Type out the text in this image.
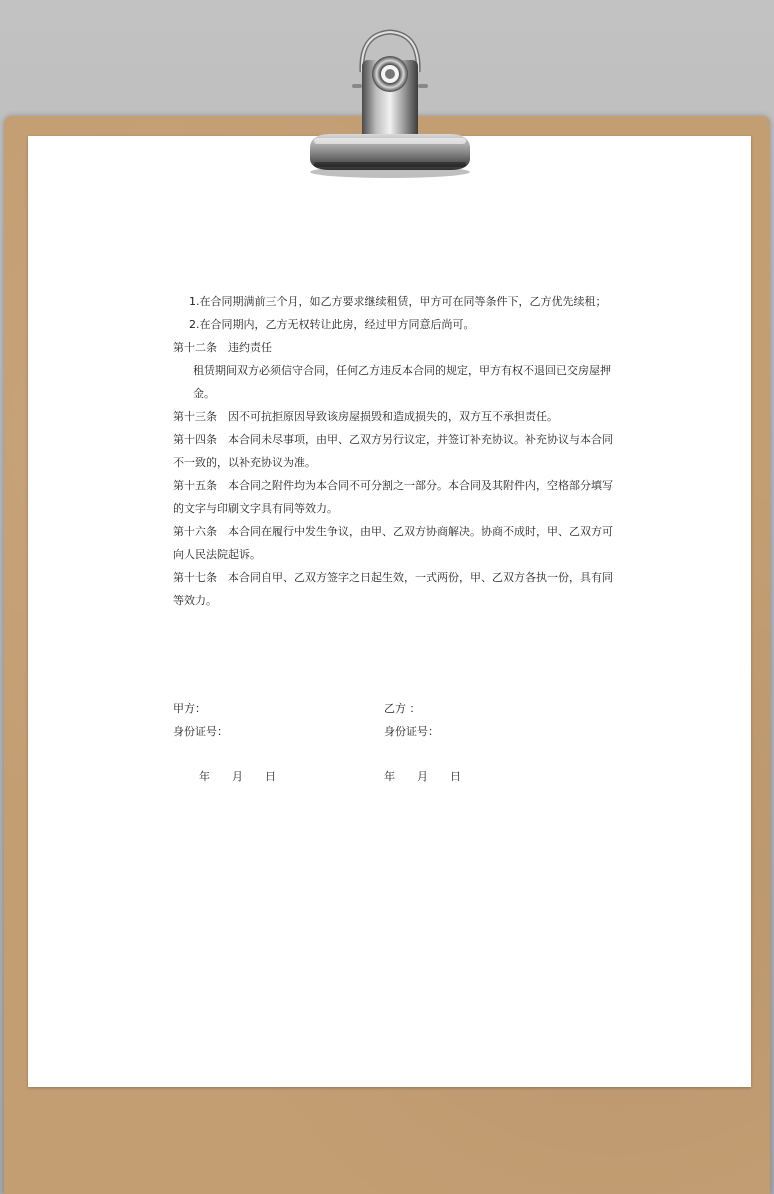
1.在合同期满前三个月，如乙方要求继续租赁，甲方可在同等条件下，乙方优先续租；

2.在合同期内，乙方无权转让此房，经过甲方同意后尚可。

第十二条　违约责任

租赁期间双方必须信守合同，任何乙方违反本合同的规定，甲方有权不退回已交房屋押金。

第十三条　因不可抗拒原因导致该房屋损毁和造成损失的，双方互不承担责任。

第十四条　本合同未尽事项，由甲、乙双方另行议定，并签订补充协议。补充协议与本合同不一致的，以补充协议为准。

第十五条　本合同之附件均为本合同不可分割之一部分。本合同及其附件内，空格部分填写的文字与印刷文字具有同等效力。

第十六条　本合同在履行中发生争议，由甲、乙双方协商解决。协商不成时，甲、乙双方可向人民法院起诉。

第十七条　本合同自甲、乙双方签字之日起生效，一式两份，甲、乙双方各执一份，具有同等效力。

甲方：	乙方 ：
身份证号：	身份证号：
年　　月　　日	年　　月　　日
